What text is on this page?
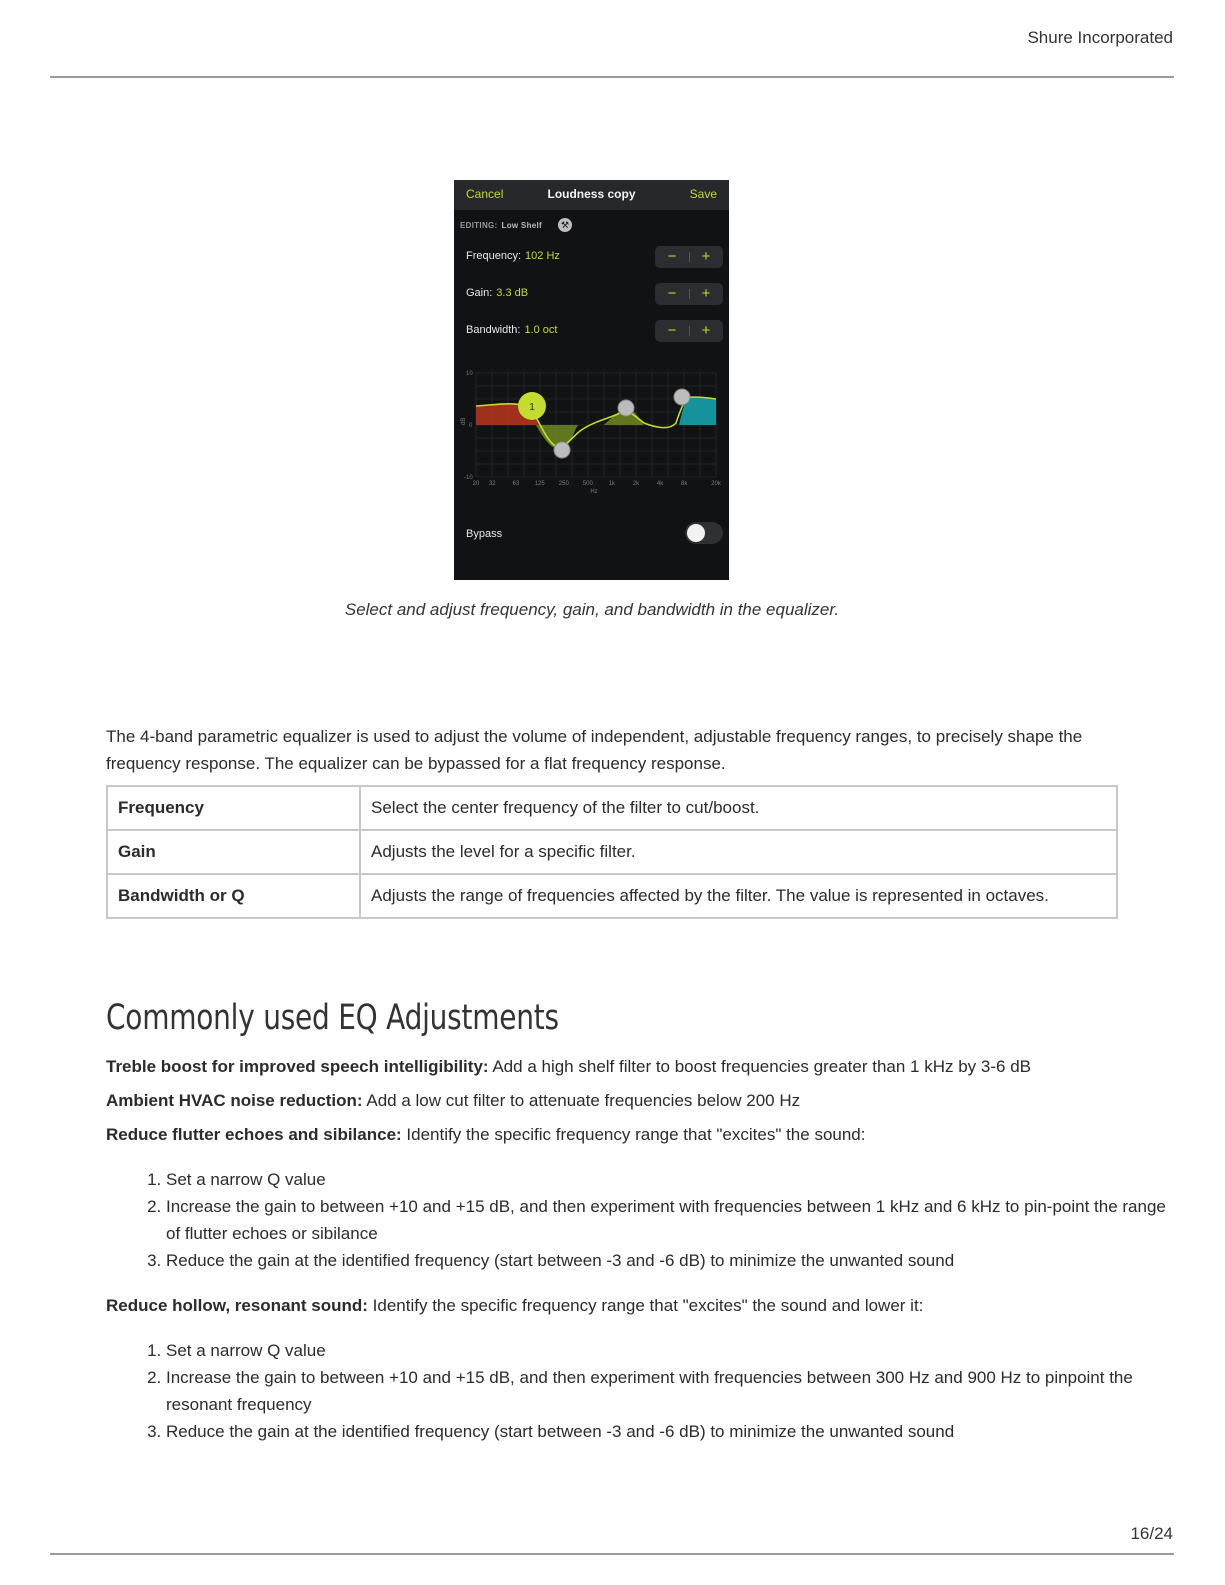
Shure Incorporated
Cancel	Loudness copy	Save
EDITING: Low Shelf	⚒
Frequency: 102 Hz	−	+
Gain: 3.3 dB	−	+
Bandwidth: 1.0 oct	−	+
1
10
0
-10
dB
20 32	63	125 250 500	1k	2k	4k	8k	20k
Hz
Bypass
Select and adjust frequency, gain, and bandwidth in the equalizer.
The 4-band parametric equalizer is used to adjust the volume of independent, adjustable frequency ranges, to precisely shape the frequency response. The equalizer can be bypassed for a flat frequency response.
Frequency	Select the center frequency of the filter to cut/boost.
Gain	Adjusts the level for a specific filter.
Bandwidth or Q	Adjusts the range of frequencies affected by the filter. The value is represented in octaves.
Commonly used EQ Adjustments
Treble boost for improved speech intelligibility: Add a high shelf filter to boost frequencies greater than 1 kHz by 3-6 dB
Ambient HVAC noise reduction: Add a low cut filter to attenuate frequencies below 200 Hz
Reduce flutter echoes and sibilance: Identify the specific frequency range that "excites" the sound:
1. Set a narrow Q value
2. Increase the gain to between +10 and +15 dB, and then experiment with frequencies between 1 kHz and 6 kHz to pin-point the range of flutter echoes or sibilance
3. Reduce the gain at the identified frequency (start between -3 and -6 dB) to minimize the unwanted sound
Reduce hollow, resonant sound: Identify the specific frequency range that "excites" the sound and lower it:
1. Set a narrow Q value
2. Increase the gain to between +10 and +15 dB, and then experiment with frequencies between 300 Hz and 900 Hz to pinpoint the resonant frequency
3. Reduce the gain at the identified frequency (start between -3 and -6 dB) to minimize the unwanted sound
16/24
